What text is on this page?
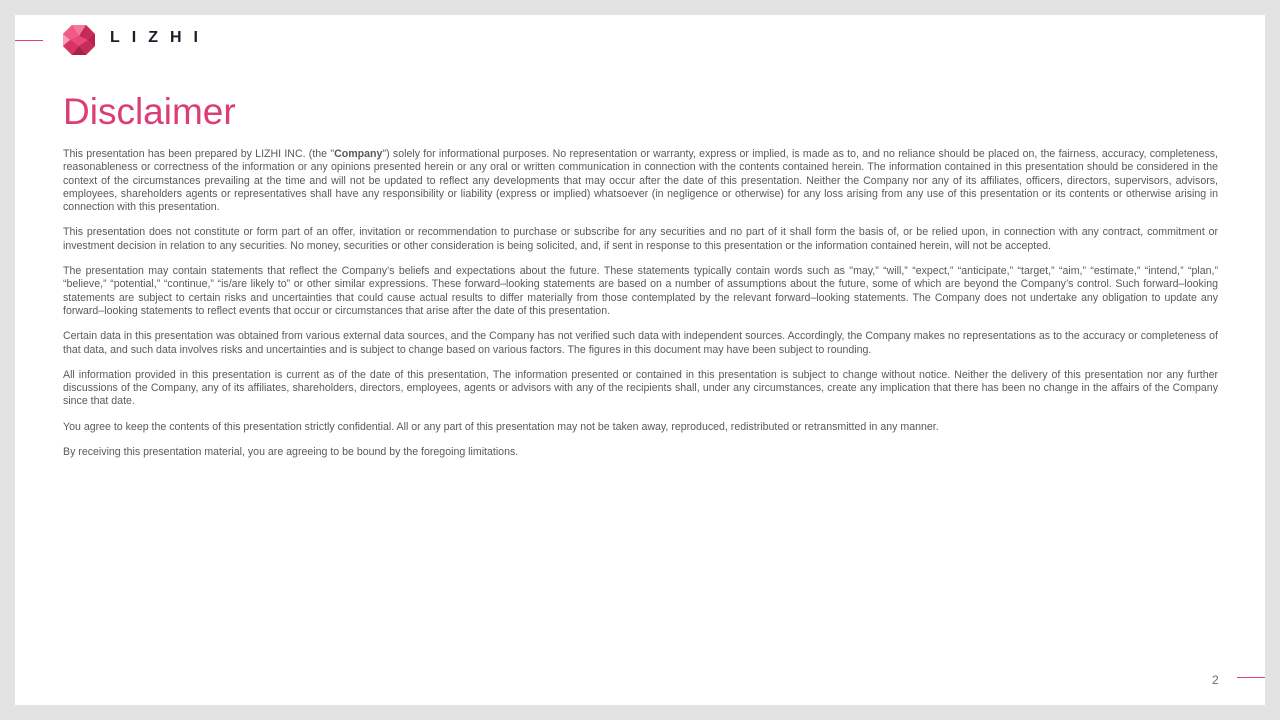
LIZHI
Disclaimer

This presentation has been prepared by LIZHI INC. (the "Company") solely for informational purposes. No representation or warranty, express or implied, is made as to, and no reliance should be placed on, the fairness, accuracy, completeness, reasonableness or correctness of the information or any opinions presented herein or any oral or written communication in connection with the contents contained herein. The information contained in this presentation should be considered in the context of the circumstances prevailing at the time and will not be updated to reflect any developments that may occur after the date of this presentation. Neither the Company nor any of its affiliates, officers, directors, supervisors, advisors, employees, shareholders agents or representatives shall have any responsibility or liability (express or implied) whatsoever (in negligence or otherwise) for any loss arising from any use of this presentation or its contents or otherwise arising in connection with this presentation.

This presentation does not constitute or form part of an offer, invitation or recommendation to purchase or subscribe for any securities and no part of it shall form the basis of, or be relied upon, in connection with any contract, commitment or investment decision in relation to any securities. No money, securities or other consideration is being solicited, and, if sent in response to this presentation or the information contained herein, will not be accepted.

The presentation may contain statements that reflect the Company’s beliefs and expectations about the future. These statements typically contain words such as "may,” “will,” “expect,” “anticipate,” “target,” “aim,” “estimate,” “intend,” “plan,” “believe,” “potential,” “continue,” “is/are likely to” or other similar expressions. These forward–looking statements are based on a number of assumptions about the future, some of which are beyond the Company’s control. Such forward–looking statements are subject to certain risks and uncertainties that could cause actual results to differ materially from those contemplated by the relevant forward–looking statements. The Company does not undertake any obligation to update any forward–looking statements to reflect events that occur or circumstances that arise after the date of this presentation.

Certain data in this presentation was obtained from various external data sources, and the Company has not verified such data with independent sources. Accordingly, the Company makes no representations as to the accuracy or completeness of that data, and such data involves risks and uncertainties and is subject to change based on various factors. The figures in this document may have been subject to rounding.

All information provided in this presentation is current as of the date of this presentation, The information presented or contained in this presentation is subject to change without notice. Neither the delivery of this presentation nor any further discussions of the Company, any of its affiliates, shareholders, directors, employees, agents or advisors with any of the recipients shall, under any circumstances, create any implication that there has been no change in the affairs of the Company since that date.

You agree to keep the contents of this presentation strictly confidential. All or any part of this presentation may not be taken away, reproduced, redistributed or retransmitted in any manner.

By receiving this presentation material, you are agreeing to be bound by the foregoing limitations.

2
